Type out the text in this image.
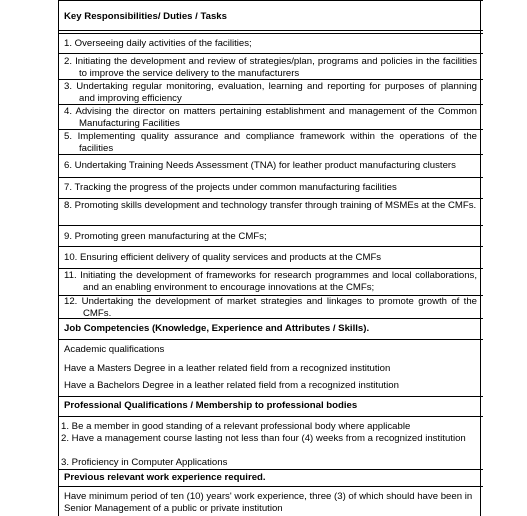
Key Responsibilities/ Duties / Tasks
1. Overseeing daily activities of the facilities;
2. Initiating the development and review of strategies/plan, programs and policies in the facilities to improve the service delivery to the manufacturers
3. Undertaking regular monitoring, evaluation, learning and reporting for purposes of planning and improving efficiency
4. Advising the director on matters pertaining establishment and management of the Common Manufacturing Facilities
5. Implementing quality assurance and compliance framework within the operations of the facilities
6. Undertaking Training Needs Assessment (TNA) for leather product manufacturing clusters
7. Tracking the progress of the projects under common manufacturing facilities
8. Promoting skills development and technology transfer through training of MSMEs at the CMFs.
9. Promoting green manufacturing at the CMFs;
10. Ensuring efficient delivery of quality services and products at the CMFs
11. Initiating the development of frameworks for research programmes and local collaborations, and an enabling environment to encourage innovations at the CMFs;
12. Undertaking the development of market strategies and linkages to promote growth of the CMFs.
Job Competencies (Knowledge, Experience and Attributes / Skills).
Academic qualifications
Have a Masters Degree in a leather related field from a recognized institution
Have a Bachelors Degree in a leather related field from a recognized institution
Professional Qualifications / Membership to professional bodies
1. Be a member in good standing of a relevant professional body where applicable
2. Have a management course lasting not less than four (4) weeks from a recognized institution
3. Proficiency in Computer Applications
Previous relevant work experience required.
Have minimum period of ten (10) years' work experience, three (3) of which should have been in Senior Management of a public or private institution
